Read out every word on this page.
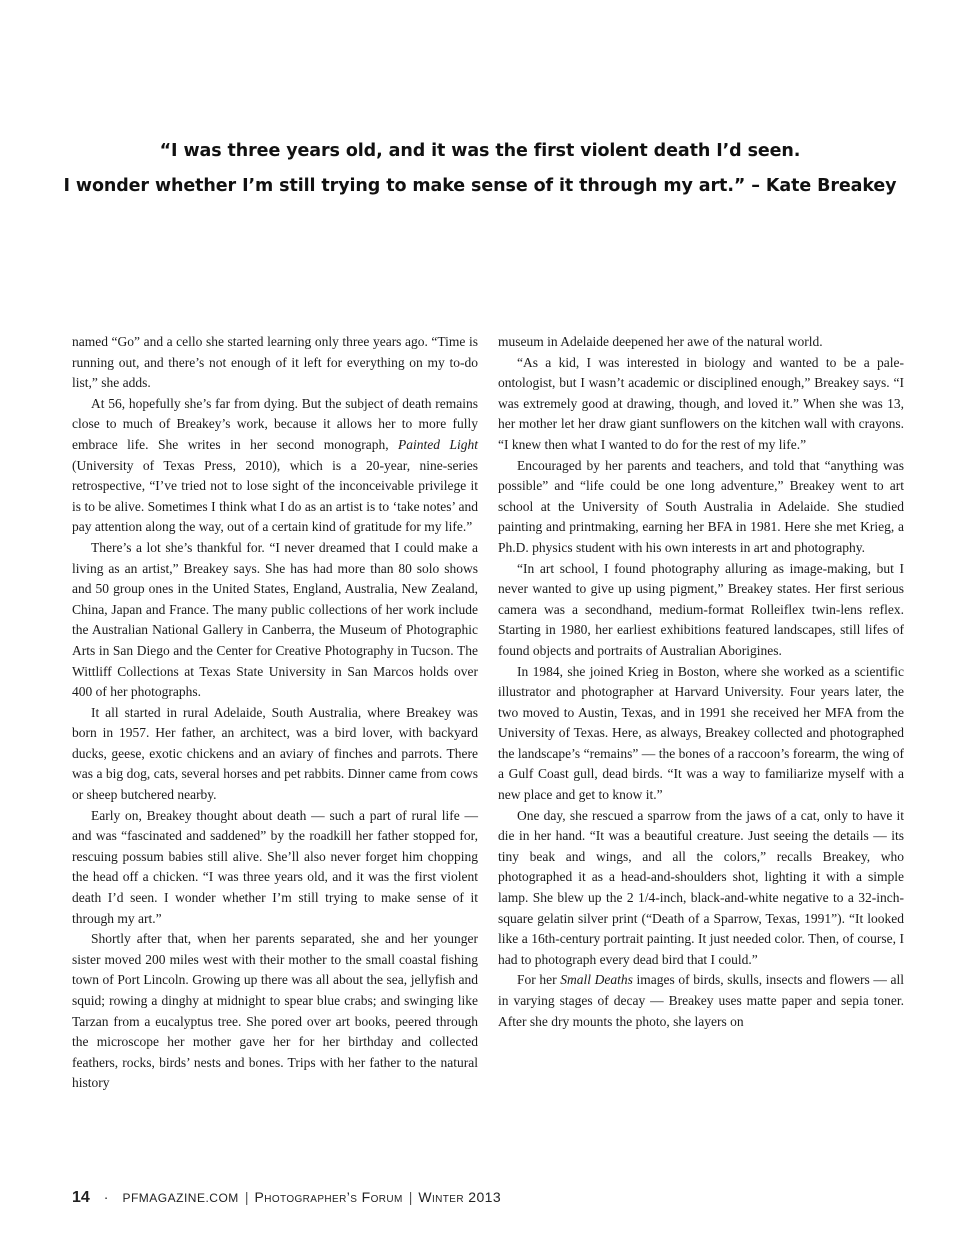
“I was three years old, and it was the first violent death I’d seen.
I wonder whether I’m still trying to make sense of it through my art.” – Kate Breakey

named “Go” and a cello she started learning only three years ago. “Time is running out, and there’s not enough of it left for everything on my to-do list,” she adds.

At 56, hopefully she’s far from dying. But the subject of death remains close to much of Breakey’s work, because it allows her to more fully embrace life. She writes in her second monograph, Painted Light (University of Texas Press, 2010), which is a 20-year, nine-series retrospective, “I’ve tried not to lose sight of the inconceivable privilege it is to be alive. Sometimes I think what I do as an artist is to ‘take notes’ and pay attention along the way, out of a certain kind of gratitude for my life.”

There’s a lot she’s thankful for. “I never dreamed that I could make a living as an artist,” Breakey says. She has had more than 80 solo shows and 50 group ones in the United States, England, Australia, New Zealand, China, Japan and France. The many public collections of her work include the Australian National Gallery in Canberra, the Museum of Photographic Arts in San Diego and the Center for Creative Photography in Tucson. The Wittliff Collections at Texas State University in San Marcos holds over 400 of her photographs.

It all started in rural Adelaide, South Australia, where Breakey was born in 1957. Her father, an architect, was a bird lover, with backyard ducks, geese, exotic chickens and an aviary of finches and parrots. There was a big dog, cats, several horses and pet rabbits. Dinner came from cows or sheep butchered nearby.

Early on, Breakey thought about death — such a part of rural life — and was “fascinated and saddened” by the roadkill her father stopped for, rescuing possum babies still alive. She’ll also never forget him chopping the head off a chicken. “I was three years old, and it was the first violent death I’d seen. I wonder whether I’m still trying to make sense of it through my art.”

Shortly after that, when her parents separated, she and her younger sister moved 200 miles west with their mother to the small coastal fishing town of Port Lincoln. Growing up there was all about the sea, jellyfish and squid; rowing a dinghy at midnight to spear blue crabs; and swinging like Tarzan from a eucalyptus tree. She pored over art books, peered through the microscope her mother gave her for her birthday and collected feathers, rocks, birds’ nests and bones. Trips with her father to the natural history

museum in Adelaide deepened her awe of the natural world.

“As a kid, I was interested in biology and wanted to be a paleontologist, but I wasn’t academic or disciplined enough,” Breakey says. “I was extremely good at drawing, though, and loved it.” When she was 13, her mother let her draw giant sunflowers on the kitchen wall with crayons. “I knew then what I wanted to do for the rest of my life.”

Encouraged by her parents and teachers, and told that “anything was possible” and “life could be one long adventure,” Breakey went to art school at the University of South Australia in Adelaide. She studied painting and printmaking, earning her BFA in 1981. Here she met Krieg, a Ph.D. physics student with his own interests in art and photography.

“In art school, I found photography alluring as image-making, but I never wanted to give up using pigment,” Breakey states. Her first serious camera was a secondhand, medium-format Rolleiflex twin-lens reflex. Starting in 1980, her earliest exhibitions featured landscapes, still lifes of found objects and portraits of Australian Aborigines.

In 1984, she joined Krieg in Boston, where she worked as a scientific illustrator and photographer at Harvard University. Four years later, the two moved to Austin, Texas, and in 1991 she received her MFA from the University of Texas. Here, as always, Breakey collected and photographed the landscape’s “remains” — the bones of a raccoon’s forearm, the wing of a Gulf Coast gull, dead birds. “It was a way to familiarize myself with a new place and get to know it.”

One day, she rescued a sparrow from the jaws of a cat, only to have it die in her hand. “It was a beautiful creature. Just seeing the details — its tiny beak and wings, and all the colors,” recalls Breakey, who photographed it as a head-and-shoulders shot, lighting it with a simple lamp. She blew up the 2 1/4-inch, black-and-white negative to a 32-inch-square gelatin silver print (“Death of a Sparrow, Texas, 1991”). “It looked like a 16th-century portrait painting. It just needed color. Then, of course, I had to photograph every dead bird that I could.”

For her Small Deaths images of birds, skulls, insects and flowers — all in varying stages of decay — Breakey uses matte paper and sepia toner. After she dry mounts the photo, she layers on

14 · PFMAGAZINE.COM | Photographer’s Forum | Winter 2013
